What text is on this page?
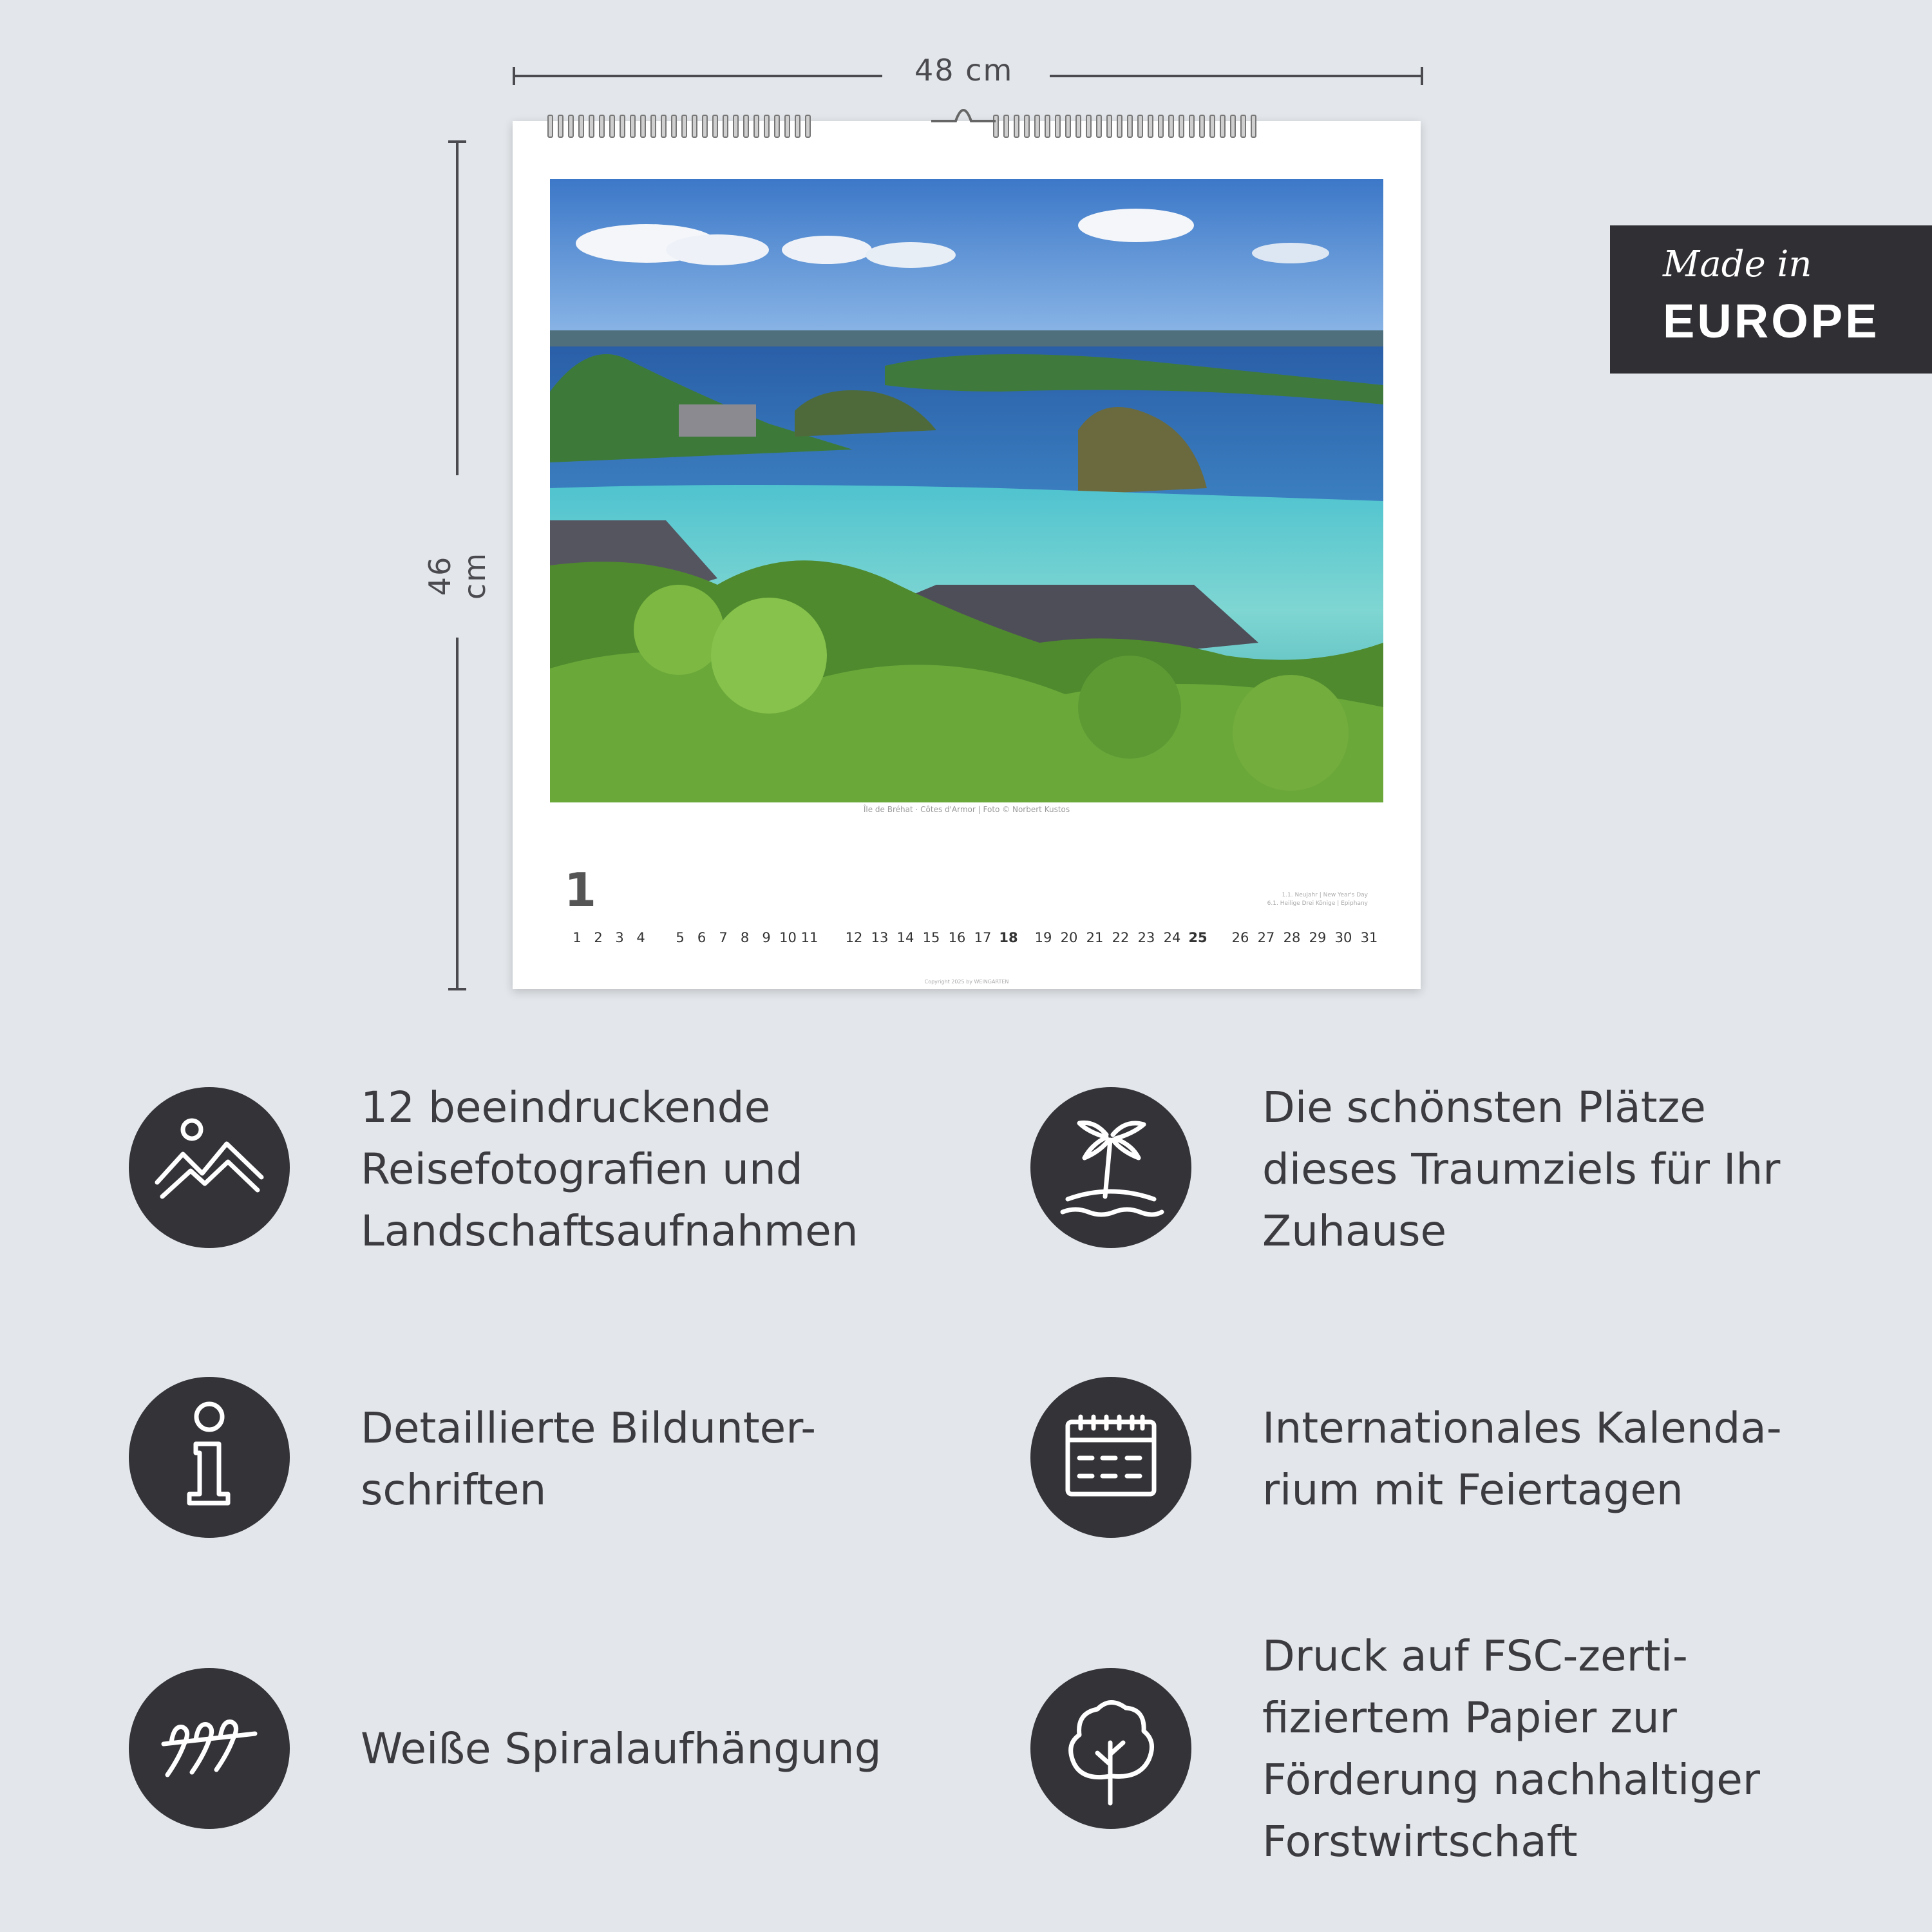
48 cm
46 cm
Île de Bréhat · Côtes d'Armor | Foto © Norbert Kustos
1	1.1. Neujahr | New Year's Day
6.1. Heilige Drei Könige | Epiphany
1 2 3 4	5 6 7 8 9 10 11 12 13 14 15 16 17 18 19 20 21 22 23 24 25 26 27 28 29 30 31
Copyright 2025 by WEINGARTEN
Made in
EUROPE
12 beeindruckende
Reisefotografien und
Landschaftsaufnahmen
Die schönsten Plätze
dieses Traumziels für Ihr
Zuhause
Detaillierte Bildunter-
schriften
Internationales Kalenda-
rium mit Feiertagen
Weiße Spiralaufhängung
Druck auf FSC-zerti-
fiziertem Papier zur
Förderung nachhaltiger
Forstwirtschaft
